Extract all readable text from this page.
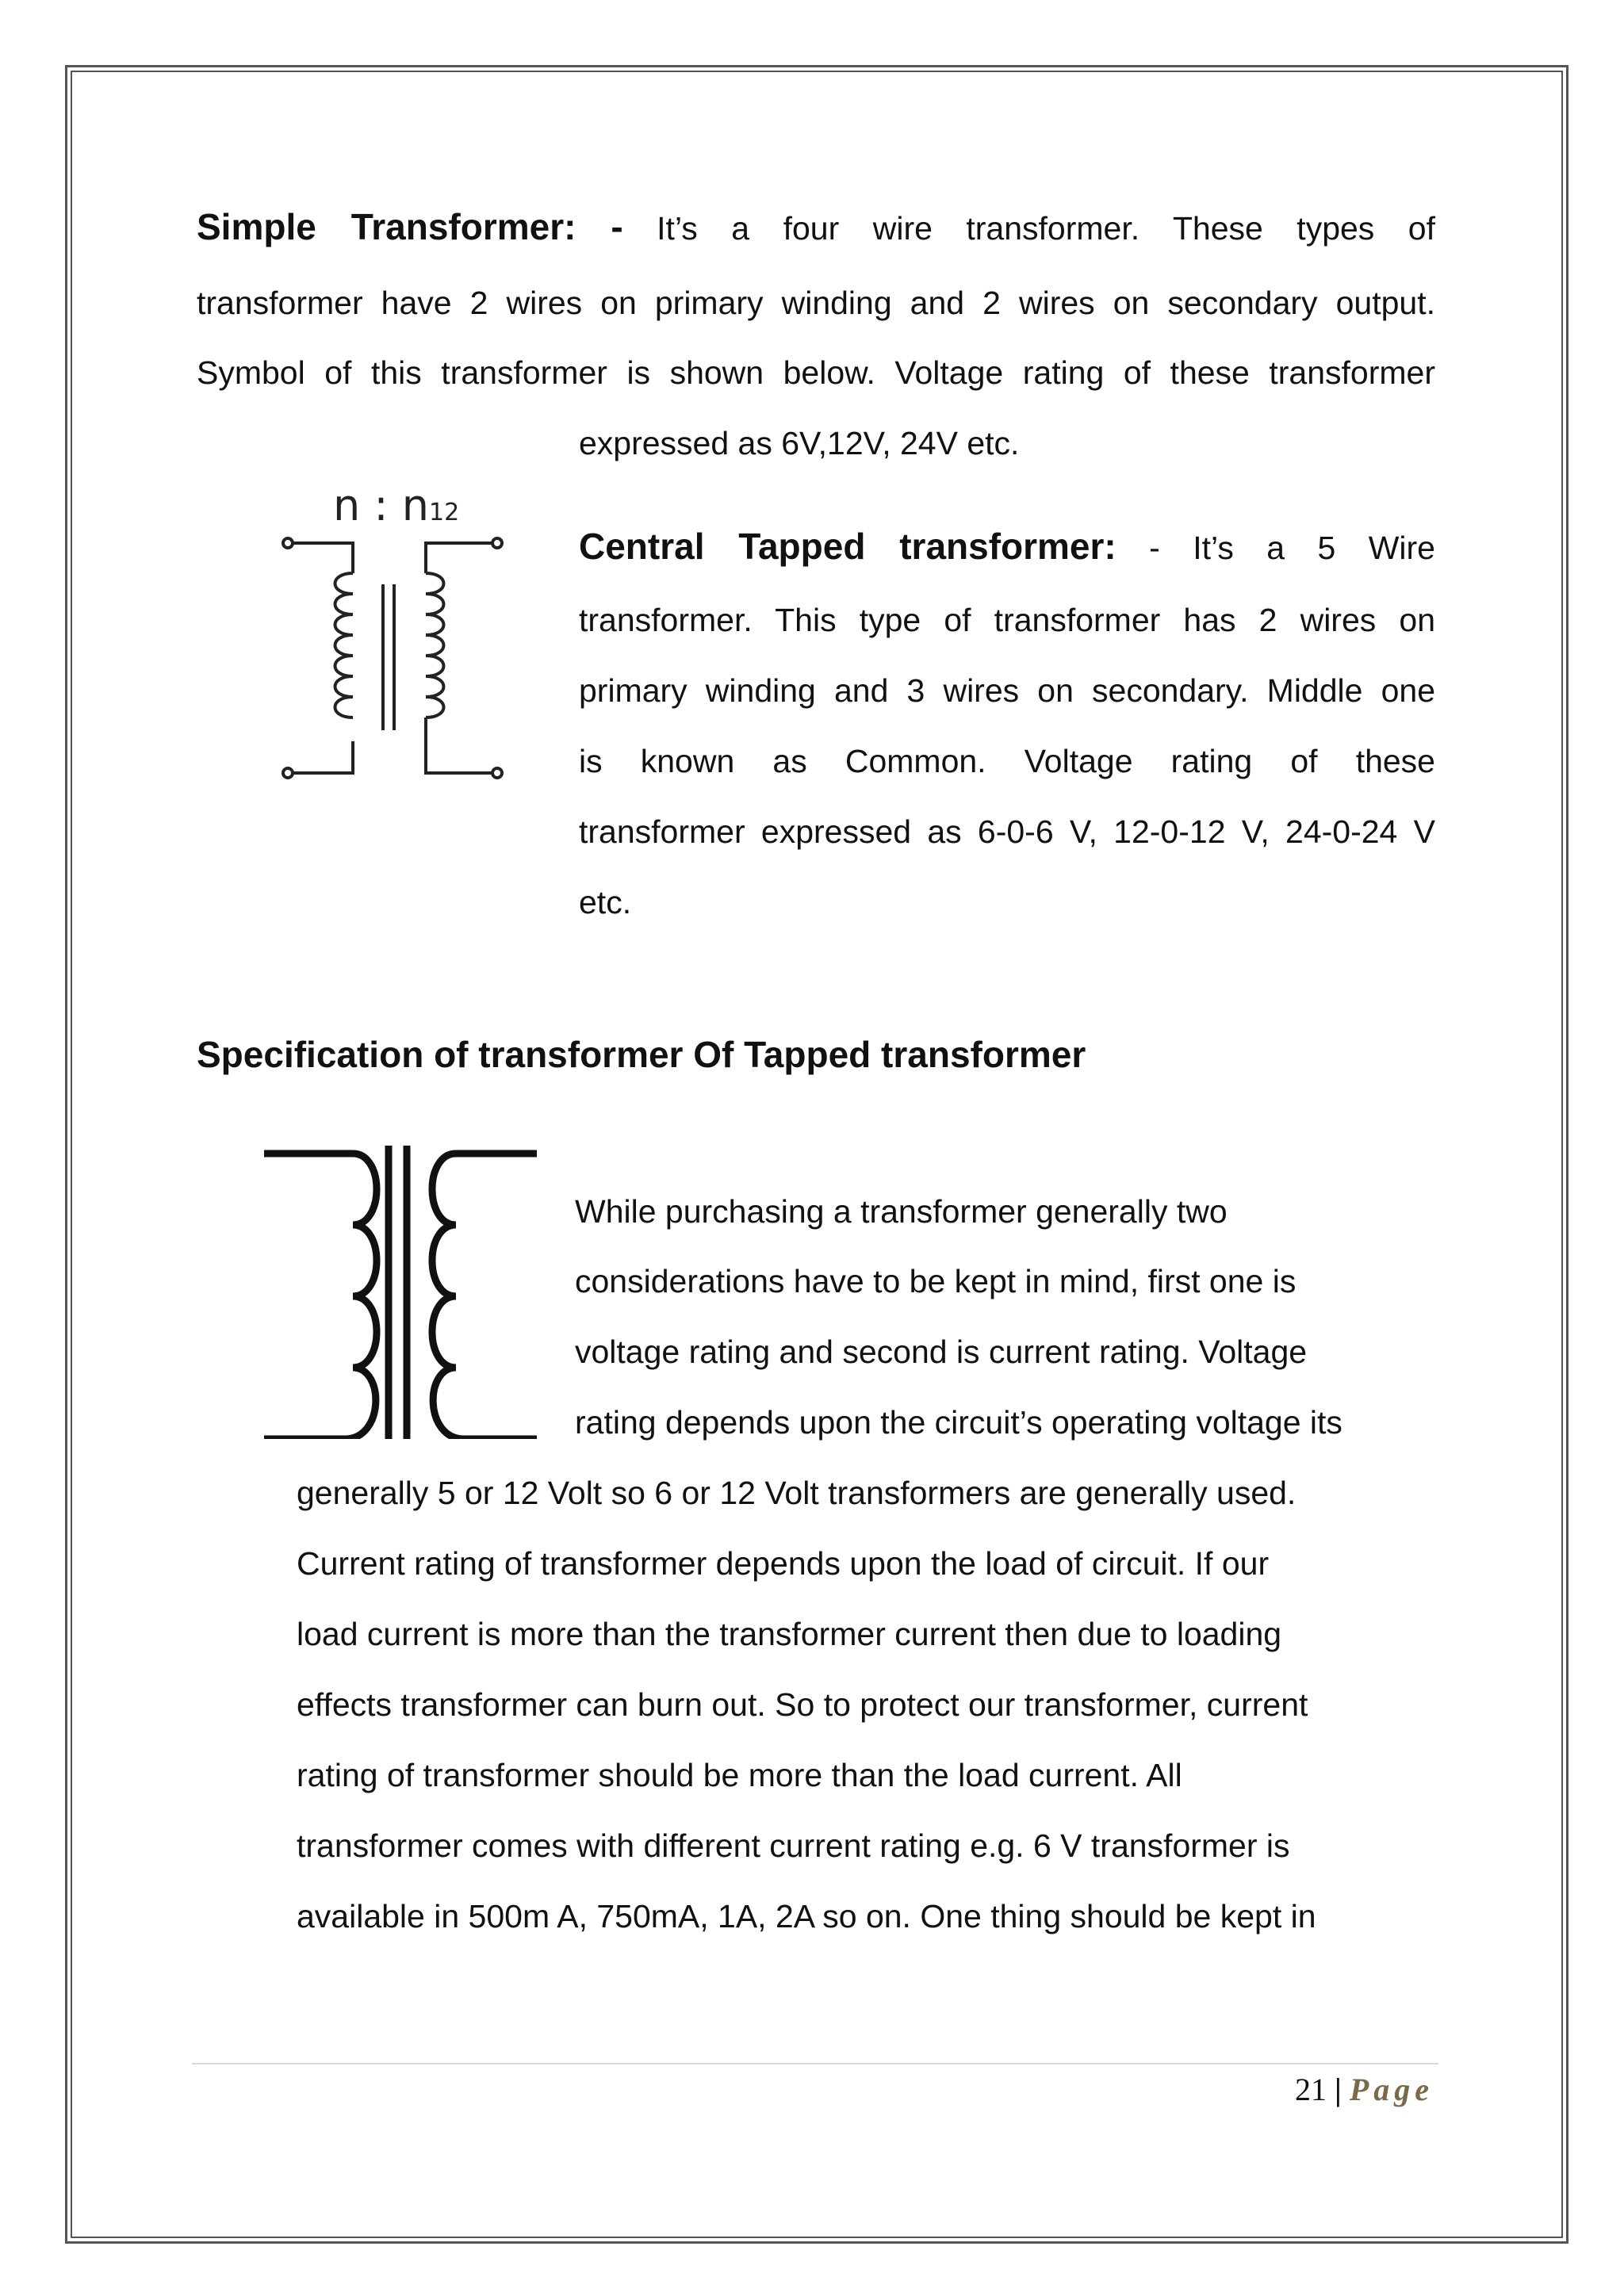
Simple Transformer: - It’s a four wire transformer. These types of

transformer have 2 wires on primary winding and 2 wires on secondary output.

Symbol of this transformer is shown below. Voltage rating of these transformer

expressed as 6V,12V, 24V etc.

n : n12

Central Tapped transformer: - It’s a 5 Wire

transformer. This type of transformer has 2 wires on

primary winding and 3 wires on secondary. Middle one

is known as Common. Voltage rating of these

transformer expressed as 6-0-6 V, 12-0-12 V, 24-0-24 V

etc.

Specification of transformer Of Tapped transformer

While purchasing a transformer generally two

considerations have to be kept in mind, first one is

voltage rating and second is current rating. Voltage

rating depends upon the circuit’s operating voltage its

generally 5 or 12 Volt so 6 or 12 Volt transformers are generally used.

Current rating of transformer depends upon the load of circuit. If our

load current is more than the transformer current then due to loading

effects transformer can burn out. So to protect our transformer, current

rating of transformer should be more than the load current. All

transformer comes with different current rating e.g. 6 V transformer is

available in 500m A, 750mA, 1A, 2A so on. One thing should be kept in

21 | Page
